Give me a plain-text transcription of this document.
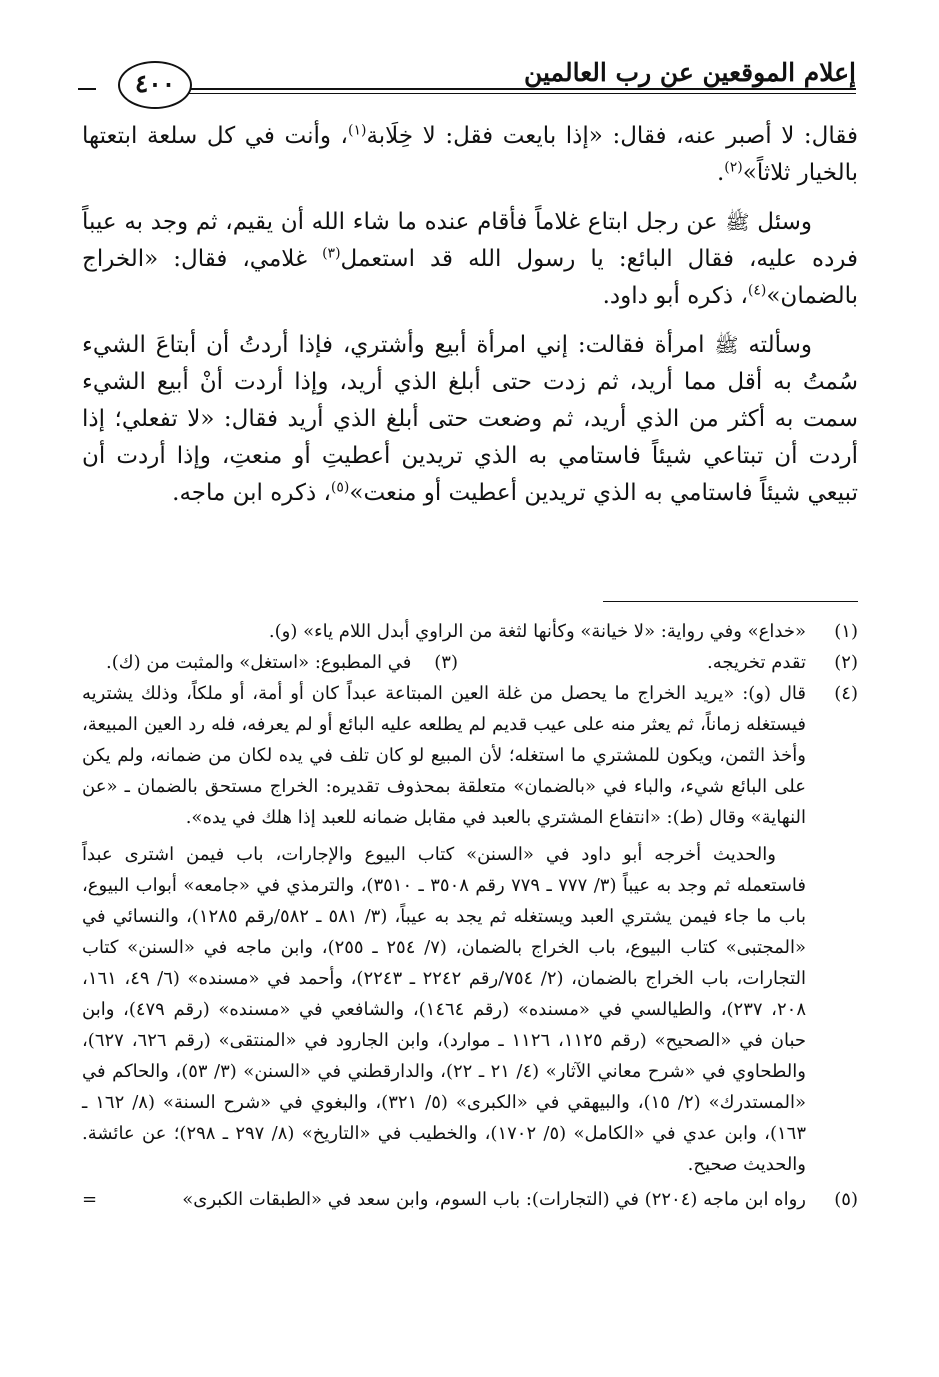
إعلام الموقعين عن رب العالمين
٤٠٠

فقال: لا أصبر عنه، فقال: «إذا بايعت فقل: لا خِلَابة$^{(١)}$، وأنت في كل سلعة ابتعتها بالخيار ثلاثاً»$^{(٢)}$.

وسئل ﷺ عن رجل ابتاع غلاماً فأقام عنده ما شاء الله أن يقيم، ثم وجد به عيباً فرده عليه، فقال البائع: يا رسول الله قد استعمل$^{(٣)}$ غلامي، فقال: «الخراج بالضمان»$^{(٤)}$، ذكره أبو داود.

وسألته ﷺ امرأة فقالت: إني امرأة أبيع وأشتري، فإذا أردتُ أن أبتاعَ الشيء سُمتُ به أقل مما أريد، ثم زدت حتى أبلغ الذي أريد، وإذا أردت أنْ أبيع الشيء سمت به أكثر من الذي أريد، ثم وضعت حتى أبلغ الذي أريد فقال: «لا تفعلي؛ إذا أردت أن تبتاعي شيئاً فاستامي به الذي تريدين أعطيتِ أو منعتِ، وإذا أردت أن تبيعي شيئاً فاستامي به الذي تريدين أعطيت أو منعت»$^{(٥)}$، ذكره ابن ماجه.

(١)
«خداع» وفي رواية: «لا خيانة» وكأنها لثغة من الراوي أبدل اللام ياء» (و).
(٢)
تقدم تخريجه.
(٣)    في المطبوع: «استغل» والمثبت من (ك).
(٤)
قال (و): «يريد الخراج ما يحصل من غلة العين المبتاعة عبداً كان أو أمة، أو ملكاً، وذلك يشتريه فيستغله زماناً، ثم يعثر منه على عيب قديم لم يطلعه عليه البائع أو لم يعرفه، فله رد العين المبيعة، وأخذ الثمن، ويكون للمشتري ما استغله؛ لأن المبيع لو كان تلف في يده لكان من ضمانه، ولم يكن على البائع شيء، والباء في «بالضمان» متعلقة بمحذوف تقديره: الخراج مستحق بالضمان ـ «عن النهاية» وقال (ط): «انتفاع المشتري بالعبد في مقابل ضمانه للعبد إذا هلك في يده».
والحديث أخرجه أبو داود في «السنن» كتاب البيوع والإجارات، باب فيمن اشترى عبداً فاستعمله ثم وجد به عيباً (٣/ ٧٧٧ ـ ٧٧٩ رقم ٣٥٠٨ ـ ٣٥١٠)، والترمذي في «جامعه» أبواب البيوع، باب ما جاء فيمن يشتري العبد ويستغله ثم يجد به عيباً، (٣/ ٥٨١ ـ ٥٨٢/رقم ١٢٨٥)، والنسائي في «المجتبى» كتاب البيوع، باب الخراج بالضمان، (٧/ ٢٥٤ ـ ٢٥٥)، وابن ماجه في «السنن» كتاب التجارات، باب الخراج بالضمان، (٢/ ٧٥٤/رقم ٢٢٤٢ ـ ٢٢٤٣)، وأحمد في «مسنده» (٦/ ٤٩، ١٦١، ٢٠٨، ٢٣٧)، والطيالسي في «مسنده» (رقم ١٤٦٤)، والشافعي في «مسنده» (رقم ٤٧٩)، وابن حبان في «الصحيح» (رقم ١١٢٥، ١١٢٦ ـ موارد)، وابن الجارود في «المنتقى» (رقم ٦٢٦، ٦٢٧)، والطحاوي في «شرح معاني الآثار» (٤/ ٢١ ـ ٢٢)، والدارقطني في «السنن» (٣/ ٥٣)، والحاكم في «المستدرك» (٢/ ١٥)، والبيهقي في «الكبرى» (٥/ ٣٢١)، والبغوي في «شرح السنة» (٨/ ١٦٢ ـ ١٦٣)، وابن عدي في «الكامل» (٥/ ١٧٠٢)، والخطيب في «التاريخ» (٨/ ٢٩٧ ـ ٢٩٨)؛ عن عائشة. والحديث صحيح.
(٥)
رواه ابن ماجه (٢٢٠٤) في (التجارات): باب السوم، وابن سعد في «الطبقات الكبرى»
=
